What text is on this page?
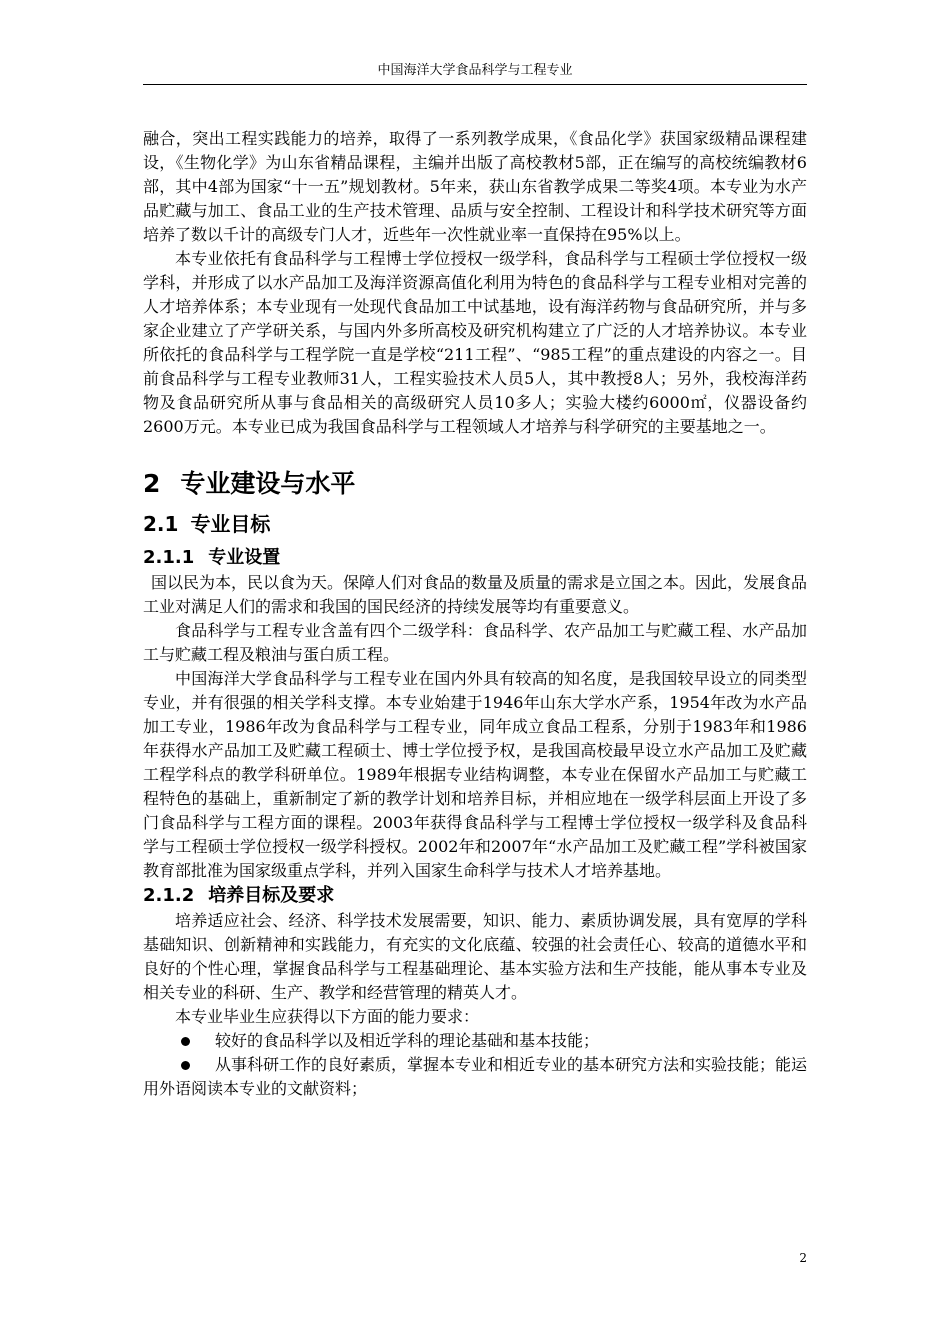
中国海洋大学食品科学与工程专业

融合，突出工程实践能力的培养，取得了一系列教学成果，《食品化学》获国家级精品课程建设，《生物化学》为山东省精品课程，主编并出版了高校教材5部，正在编写的高校统编教材6部，其中4部为国家“十一五”规划教材。5年来，获山东省教学成果二等奖4项。本专业为水产品贮藏与加工、食品工业的生产技术管理、品质与安全控制、工程设计和科学技术研究等方面培养了数以千计的高级专门人才，近些年一次性就业率一直保持在95%以上。

本专业依托有食品科学与工程博士学位授权一级学科，食品科学与工程硕士学位授权一级学科，并形成了以水产品加工及海洋资源高值化利用为特色的食品科学与工程专业相对完善的人才培养体系；本专业现有一处现代食品加工中试基地，设有海洋药物与食品研究所，并与多家企业建立了产学研关系，与国内外多所高校及研究机构建立了广泛的人才培养协议。本专业所依托的食品科学与工程学院一直是学校“211工程”、“985工程”的重点建设的内容之一。目前食品科学与工程专业教师31人，工程实验技术人员5人，其中教授8人；另外，我校海洋药物及食品研究所从事与食品相关的高级研究人员10多人；实验大楼约6000㎡，仪器设备约2600万元。本专业已成为我国食品科学与工程领域人才培养与科学研究的主要基地之一。

2 专业建设与水平
2.1 专业目标
2.1.1 专业设置

国以民为本，民以食为天。保障人们对食品的数量及质量的需求是立国之本。因此，发展食品工业对满足人们的需求和我国的国民经济的持续发展等均有重要意义。

食品科学与工程专业含盖有四个二级学科：食品科学、农产品加工与贮藏工程、水产品加工与贮藏工程及粮油与蛋白质工程。

中国海洋大学食品科学与工程专业在国内外具有较高的知名度，是我国较早设立的同类型专业，并有很强的相关学科支撑。本专业始建于1946年山东大学水产系，1954年改为水产品加工专业，1986年改为食品科学与工程专业，同年成立食品工程系，分别于1983年和1986年获得水产品加工及贮藏工程硕士、博士学位授予权，是我国高校最早设立水产品加工及贮藏工程学科点的教学科研单位。1989年根据专业结构调整，本专业在保留水产品加工与贮藏工程特色的基础上，重新制定了新的教学计划和培养目标，并相应地在一级学科层面上开设了多门食品科学与工程方面的课程。2003年获得食品科学与工程博士学位授权一级学科及食品科学与工程硕士学位授权一级学科授权。2002年和2007年“水产品加工及贮藏工程”学科被国家教育部批准为国家级重点学科，并列入国家生命科学与技术人才培养基地。

2.1.2 培养目标及要求

培养适应社会、经济、科学技术发展需要，知识、能力、素质协调发展，具有宽厚的学科基础知识、创新精神和实践能力，有充实的文化底蕴、较强的社会责任心、较高的道德水平和良好的个性心理，掌握食品科学与工程基础理论、基本实验方法和生产技能，能从事本专业及相关专业的科研、生产、教学和经营管理的精英人才。

本专业毕业生应获得以下方面的能力要求：

较好的食品科学以及相近学科的理论基础和基本技能；

从事科研工作的良好素质，掌握本专业和相近专业的基本研究方法和实验技能；能运用外语阅读本专业的文献资料；

2
